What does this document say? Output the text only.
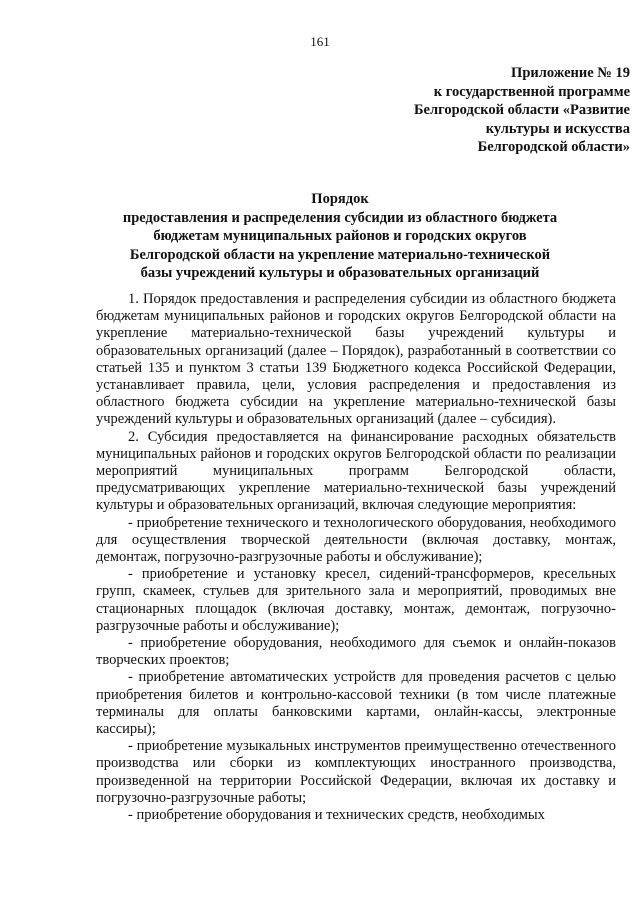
161
Приложение № 19
к государственной программе
Белгородской области «Развитие
культуры и искусства
Белгородской области»
Порядок
предоставления и распределения субсидии из областного бюджета
бюджетам муниципальных районов и городских округов
Белгородской области на укрепление материально-технической
базы учреждений культуры и образовательных организаций

1. Порядок предоставления и распределения субсидии из областного бюджета бюджетам муниципальных районов и городских округов Белгородской области на укрепление материально-технической базы учреждений культуры и образовательных организаций (далее – Порядок), разработанный в соответствии со статьей 135 и пунктом 3 статьи 139 Бюджетного кодекса Российской Федерации, устанавливает правила, цели, условия распределения и предоставления из областного бюджета субсидии на укрепление материально-технической базы учреждений культуры и образовательных организаций (далее – субсидия).

2. Субсидия предоставляется на финансирование расходных обязательств муниципальных районов и городских округов Белгородской области по реализации мероприятий муниципальных программ Белгородской области, предусматривающих укрепление материально-технической базы учреждений культуры и образовательных организаций, включая следующие мероприятия:

- приобретение технического и технологического оборудования, необходимого для осуществления творческой деятельности (включая доставку, монтаж, демонтаж, погрузочно-разгрузочные работы и обслуживание);

- приобретение и установку кресел, сидений-трансформеров, кресельных групп, скамеек, стульев для зрительного зала и мероприятий, проводимых вне стационарных площадок (включая доставку, монтаж, демонтаж, погрузочно-разгрузочные работы и обслуживание);

- приобретение оборудования, необходимого для съемок и онлайн-показов творческих проектов;

- приобретение автоматических устройств для проведения расчетов с целью приобретения билетов и контрольно-кассовой техники (в том числе платежные терминалы для оплаты банковскими картами, онлайн-кассы, электронные кассиры);

- приобретение музыкальных инструментов преимущественно отечественного производства или сборки из комплектующих иностранного производства, произведенной на территории Российской Федерации, включая их доставку и погрузочно-разгрузочные работы;

- приобретение оборудования и технических средств, необходимых
